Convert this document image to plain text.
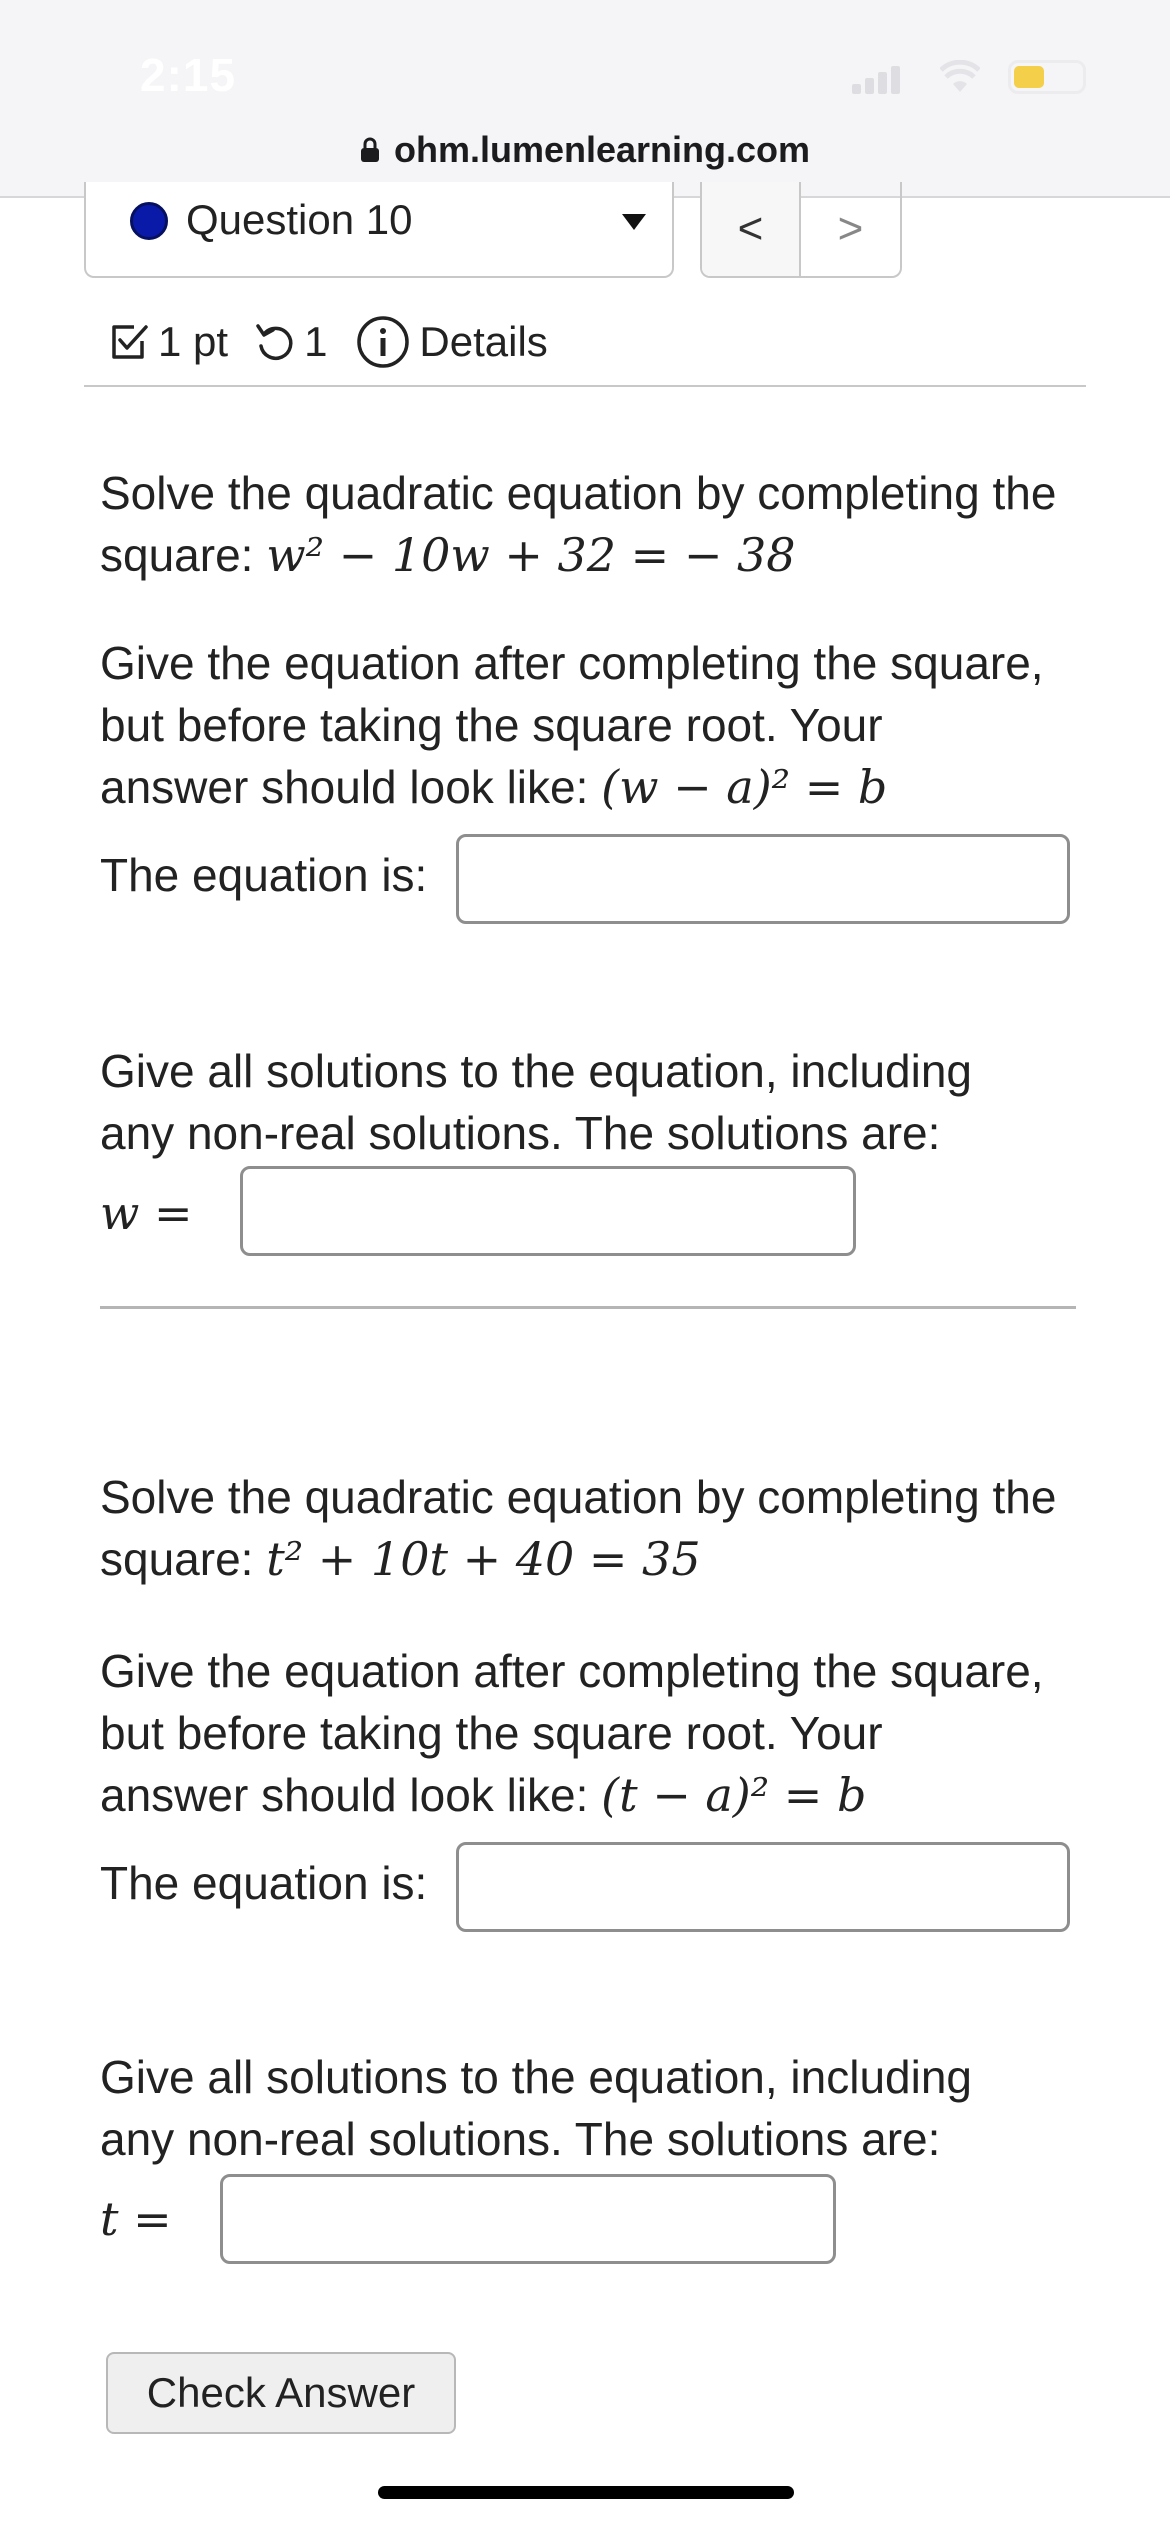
2:15
ohm.lumenlearning.com
Question 10	<	>
1 pt 1 Details
Solve the quadratic equation by completing the square: w² − 10w + 32 = − 38
Give the equation after completing the square,
but before taking the square root. Your
answer should look like: (w − a)² = b
The equation is:
Give all solutions to the equation, including
any non-real solutions. The solutions are:
w =
Solve the quadratic equation by completing the square: t² + 10t + 40 = 35
Give the equation after completing the square,
but before taking the square root. Your
answer should look like: (t − a)² = b
The equation is:
Give all solutions to the equation, including
any non-real solutions. The solutions are:
t =
Check Answer
